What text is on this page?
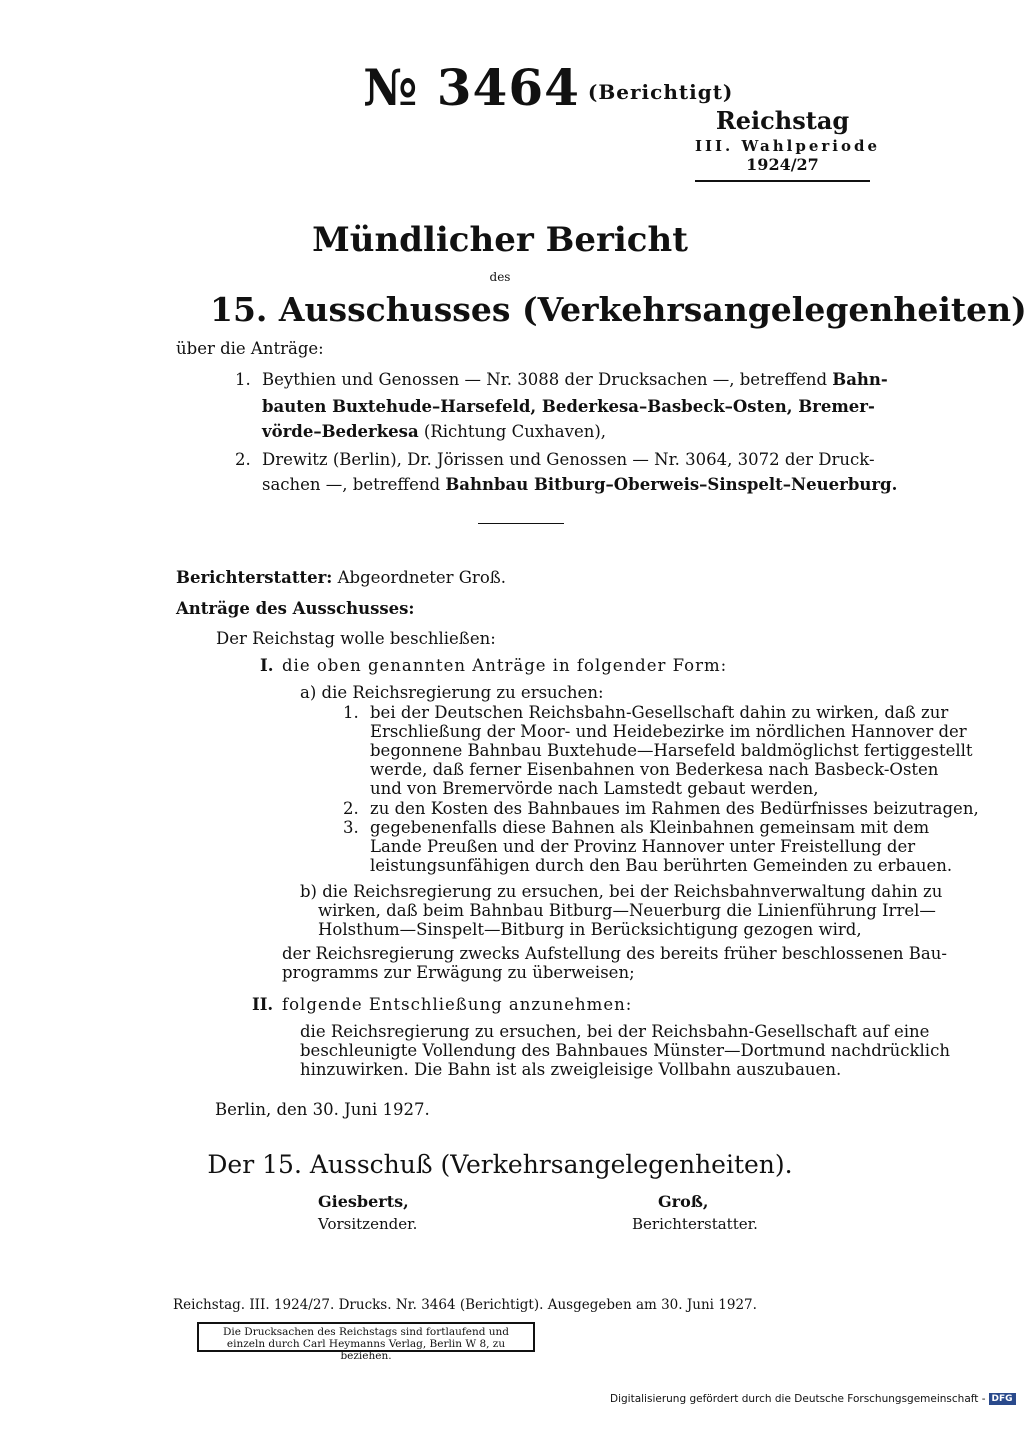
№ 3464 (Berichtigt)
Reichstag
III. Wahlperiode
1924/27
Mündlicher Bericht
des
15. Ausschusses (Verkehrsangelegenheiten)
über die Anträge:
1. Beythien und Genossen — Nr. 3088 der Drucksachen —, betreffend Bahn-
bauten Buxtehude–Harsefeld, Bederkesa–Basbeck–Osten, Bremer-
vörde–Bederkesa (Richtung Cuxhaven),
2. Drewitz (Berlin), Dr. Jörissen und Genossen — Nr. 3064, 3072 der Druck-
sachen —, betreffend Bahnbau Bitburg–Oberweis–Sinspelt–Neuerburg.
Berichterstatter: Abgeordneter Groß.
Anträge des Ausschusses:
Der Reichstag wolle beschließen:
I. die oben genannten Anträge in folgender Form:
a) die Reichsregierung zu ersuchen:
1. bei der Deutschen Reichsbahn-Gesellschaft dahin zu wirken, daß zur
Erschließung der Moor- und Heidebezirke im nördlichen Hannover der
begonnene Bahnbau Buxtehude—Harsefeld baldmöglichst fertiggestellt
werde, daß ferner Eisenbahnen von Bederkesa nach Basbeck-Osten
und von Bremervörde nach Lamstedt gebaut werden,
2. zu den Kosten des Bahnbaues im Rahmen des Bedürfnisses beizutragen,
3. gegebenenfalls diese Bahnen als Kleinbahnen gemeinsam mit dem
Lande Preußen und der Provinz Hannover unter Freistellung der
leistungsunfähigen durch den Bau berührten Gemeinden zu erbauen.
b) die Reichsregierung zu ersuchen, bei der Reichsbahnverwaltung dahin zu
wirken, daß beim Bahnbau Bitburg—Neuerburg die Linienführung Irrel—
Holsthum—Sinspelt—Bitburg in Berücksichtigung gezogen wird,
der Reichsregierung zwecks Aufstellung des bereits früher beschlossenen Bau-
programms zur Erwägung zu überweisen;
II. folgende Entschließung anzunehmen:
die Reichsregierung zu ersuchen, bei der Reichsbahn-Gesellschaft auf eine
beschleunigte Vollendung des Bahnbaues Münster—Dortmund nachdrücklich
hinzuwirken. Die Bahn ist als zweigleisige Vollbahn auszubauen.
Berlin, den 30. Juni 1927.
Der 15. Ausschuß (Verkehrsangelegenheiten).
Giesberts,
Vorsitzender.
Groß,
Berichterstatter.
Reichstag. III. 1924/27. Drucks. Nr. 3464 (Berichtigt). Ausgegeben am 30. Juni 1927.
Die Drucksachen des Reichstags sind fortlaufend und einzeln durch Carl Heymanns Verlag, Berlin W 8, zu beziehen.
Digitalisierung gefördert durch die Deutsche Forschungsgemeinschaft - DFG
